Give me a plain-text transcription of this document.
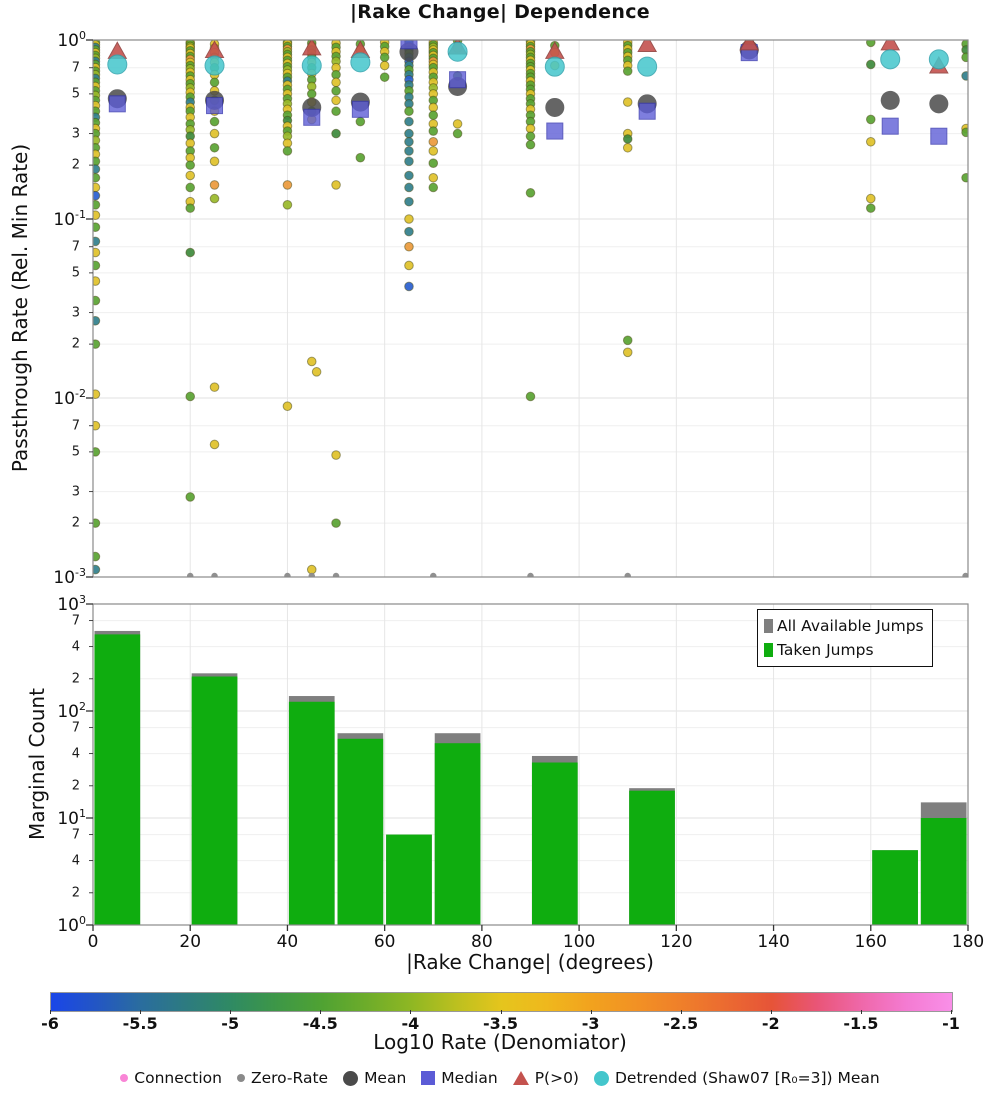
|Rake Change| Dependence
Passthrough Rate (Rel. Min Rate)
Marginal Count
|Rake Change| (degrees)
$10^0$
$10^{-1}$
$10^{-2}$
$10^{-3}$
7
5
3
2
7
5
3
2
7
5
3
2
$10^3$
$10^2$
$10^1$
$10^0$
7
4
2
7
4
2
7
4
2
0	20	40	60	80	100	120	140	160	180
All Available Jumps
Taken Jumps
-6	-5.5	-5	-4.5	-4	-3.5	-3	-2.5	-2	-1.5	-1
Log10 Rate (Denomiator)
Connection Zero-Rate Mean Median P(>0) Detrended (Shaw07 [R₀=3]) Mean
